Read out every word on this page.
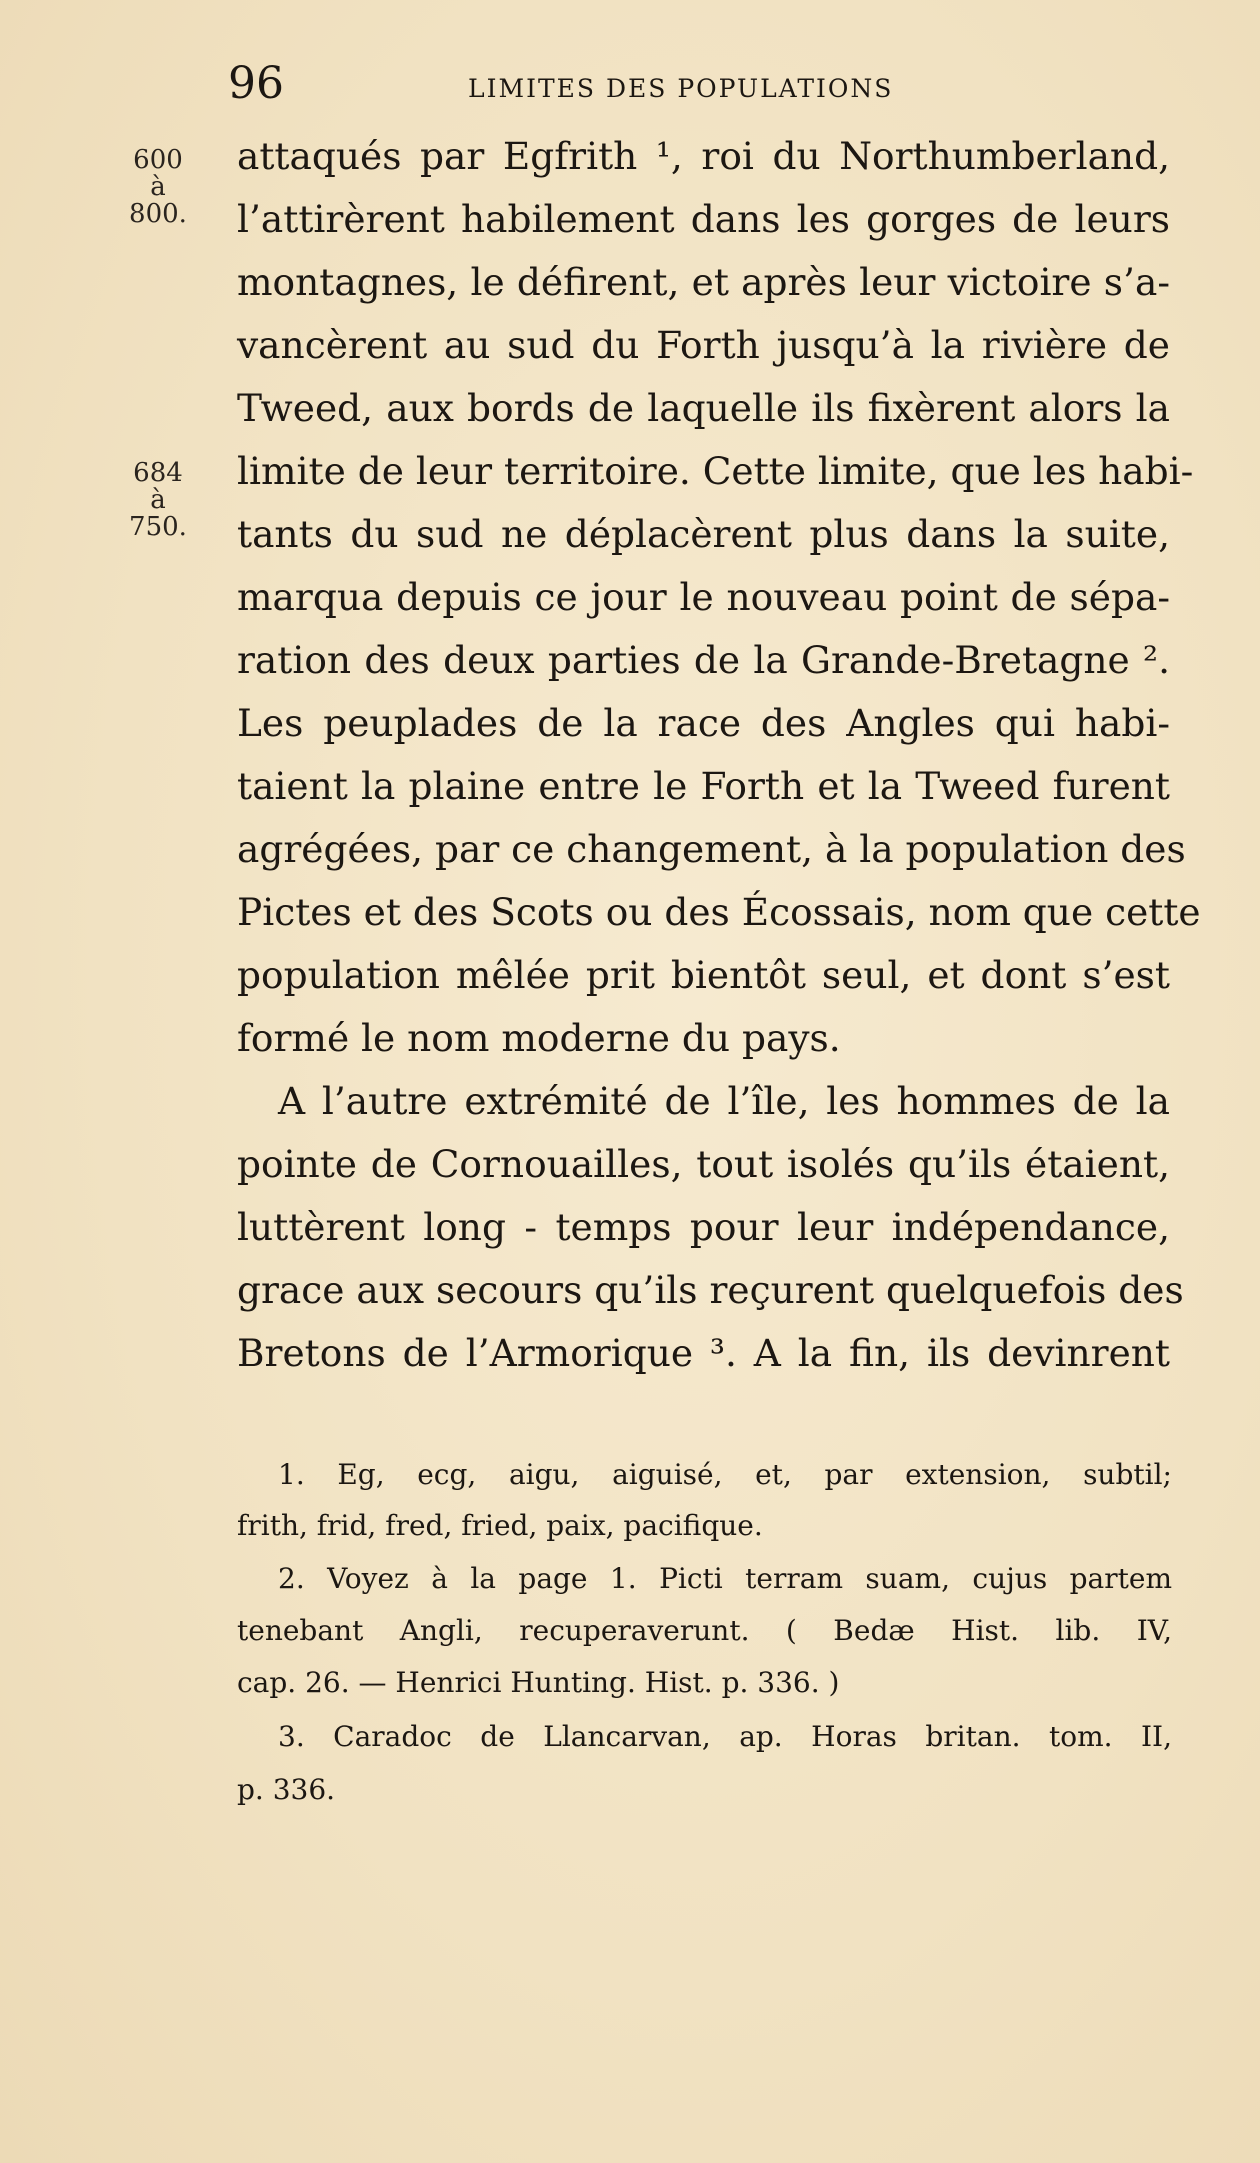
96	LIMITES DES POPULATIONS
600
à
800.
684
à
750.
attaqués par Egfrith ¹, roi du Northumberland,
l’attirèrent habilement dans les gorges de leurs
montagnes, le défirent, et après leur victoire s’a-
vancèrent au sud du Forth jusqu’à la rivière de
Tweed, aux bords de laquelle ils fixèrent alors la
limite de leur territoire. Cette limite, que les habi-
tants du sud ne déplacèrent plus dans la suite,
marqua depuis ce jour le nouveau point de sépa-
ration des deux parties de la Grande-Bretagne ².
Les peuplades de la race des Angles qui habi-
taient la plaine entre le Forth et la Tweed furent
agrégées, par ce changement, à la population des
Pictes et des Scots ou des Écossais, nom que cette
population mêlée prit bientôt seul, et dont s’est
formé le nom moderne du pays.
A l’autre extrémité de l’île, les hommes de la
pointe de Cornouailles, tout isolés qu’ils étaient,
luttèrent long - temps pour leur indépendance,
grace aux secours qu’ils reçurent quelquefois des
Bretons de l’Armorique ³. A la fin, ils devinrent
1. Eg, ecg, aigu, aiguisé, et, par extension, subtil;
frith, frid, fred, fried, paix, pacifique.
2. Voyez à la page 1. Picti terram suam, cujus partem
tenebant Angli, recuperaverunt. ( Bedæ Hist. lib. IV,
cap. 26. — Henrici Hunting. Hist. p. 336. )
3. Caradoc de Llancarvan, ap. Horas britan. tom. II,
p. 336.
